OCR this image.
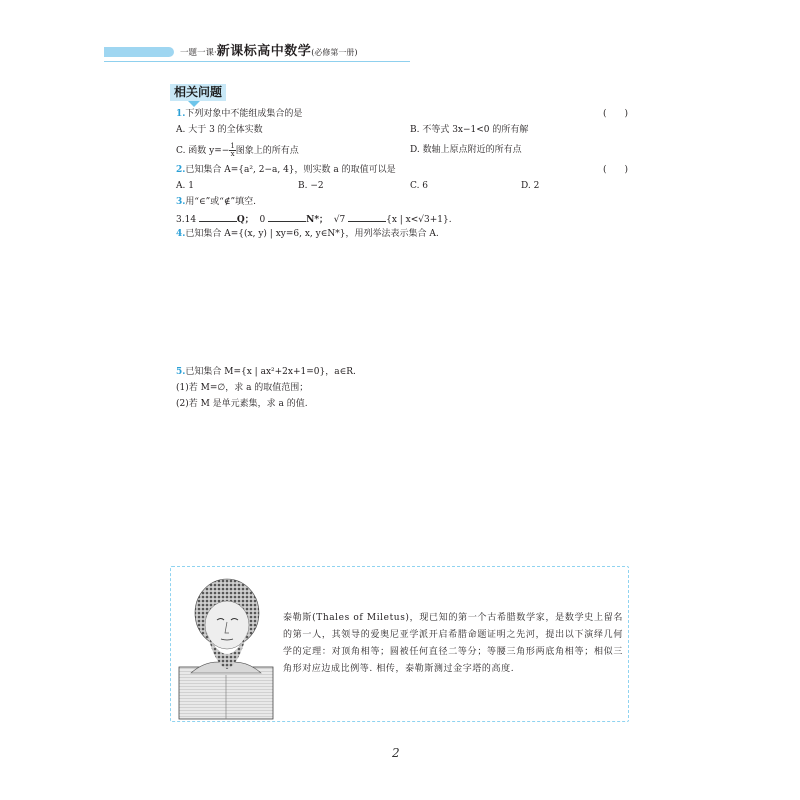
一题一课·新课标高中数学(必修第一册)
相关问题
1.下列对象中不能组成集合的是	(　　)
A. 大于 3 的全体实数	B. 不等式 3x−1<0 的所有解
C. 函数 $y=- \frac{1}{x}$ 图象上的所有点	D. 数轴上原点附近的所有点
2.已知集合 A={a², 2−a, 4}，则实数 a 的取值可以是	(　　)
A. 1	B. −2	C. 6	D. 2
3.用“∈”或“∉”填空.
3.14	Q； 0	N*； √7	{x | x<√3+1}.
4.已知集合 A={(x, y) | xy=6, x, y∈N*}，用列举法表示集合 A.
5.已知集合 M={x | ax²+2x+1=0}，a∈R.
(1)若 M=∅，求 a 的取值范围；
(2)若 M 是单元素集，求 a 的值.
泰勒斯(Thales of Miletus)，现已知的第一个古希腊数学家，是数学史上留名的第一人，其领导的爱奥尼亚学派开启希腊命题证明之先河，提出以下演绎几何学的定理：对顶角相等；圆被任何直径二等分；等腰三角形两底角相等；相似三角形对应边成比例等. 相传，泰勒斯测过金字塔的高度.
2
